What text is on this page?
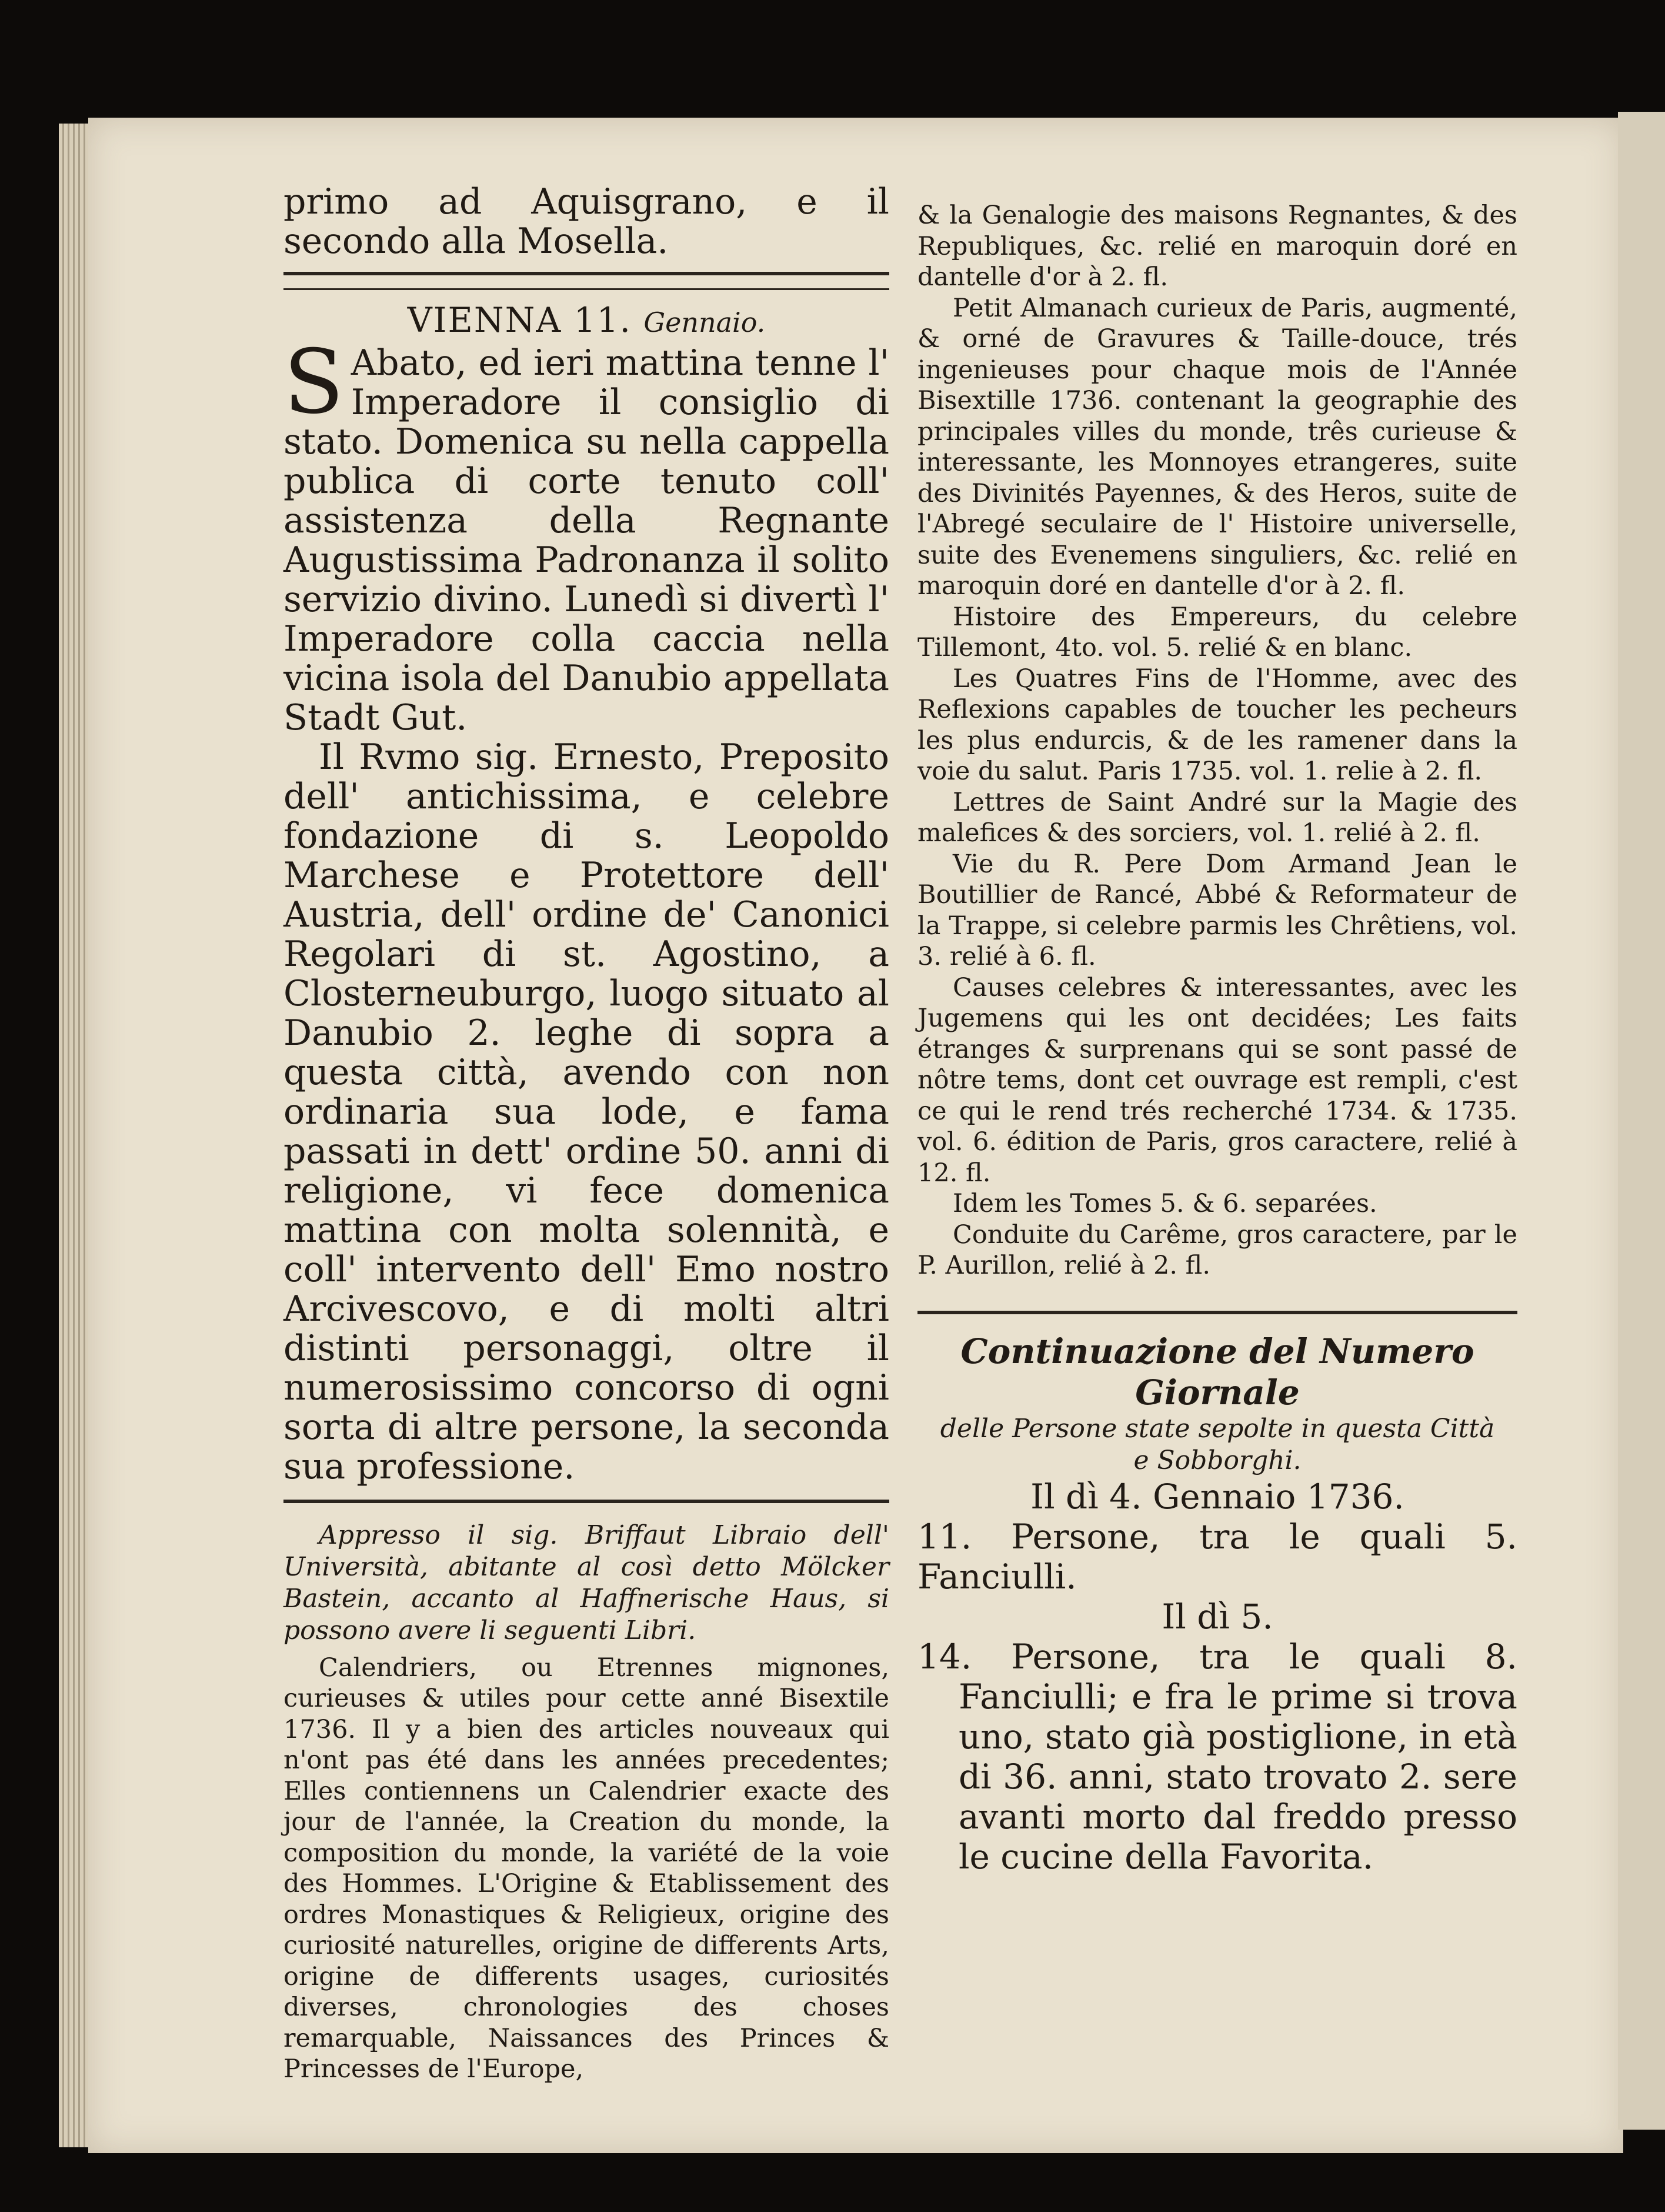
primo ad Aquisgrano, e il secondo alla Mosella.

VIENNA 11. Gennaio.

S Abato, ed ieri mattina tenne l' Imperadore il consiglio di stato. Domenica su nella cappella publica di corte tenuto coll' assistenza della Regnante Augustissima Padronanza il solito servizio divino. Lunedì si divertì l' Imperadore colla caccia nella vicina isola del Danubio appellata Stadt Gut.

Il Rvmo sig. Ernesto, Preposito dell' antichissima, e celebre fondazione di s. Leopoldo Marchese e Protettore dell' Austria, dell' ordine de' Canonici Regolari di st. Agostino, a Closterneuburgo, luogo situato al Danubio 2. leghe di sopra a questa città, avendo con non ordinaria sua lode, e fama passati in dett' ordine 50. anni di religione, vi fece domenica mattina con molta solennità, e coll' intervento dell' Emo nostro Arcivescovo, e di molti altri distinti personaggi, oltre il numerosissimo concorso di ogni sorta di altre persone, la seconda sua professione.

Appresso il sig. Briffaut Libraio dell' Università, abitante al così detto Mölcker Bastein, accanto al Haffnerische Haus, si possono avere li seguenti Libri.

Calendriers, ou Etrennes mignones, curieuses & utiles pour cette anné Bisextile 1736. Il y a bien des articles nouveaux qui n'ont pas été dans les années precedentes; Elles contiennens un Calendrier exacte des jour de l'année, la Creation du monde, la composition du monde, la variété de la voie des Hommes. L'Origine & Etablissement des ordres Monastiques & Religieux, origine des curiosité naturelles, origine de differents Arts, origine de differents usages, curiosités diverses, chronologies des choses remarquable, Naissances des Princes & Princesses de l'Europe,

& la Genalogie des maisons Regnantes, & des Republiques, &c. relié en maroquin doré en dantelle d'or à 2. fl.

Petit Almanach curieux de Paris, augmenté, & orné de Gravures & Taille-douce, trés ingenieuses pour chaque mois de l'Année Bisextille 1736. contenant la geographie des principales villes du monde, três curieuse & interessante, les Monnoyes etrangeres, suite des Divinités Payennes, & des Heros, suite de l'Abregé seculaire de l' Histoire universelle, suite des Evenemens singuliers, &c. relié en maroquin doré en dantelle d'or à 2. fl.

Histoire des Empereurs, du celebre Tillemont, 4to. vol. 5. relié & en blanc.

Les Quatres Fins de l'Homme, avec des Reflexions capables de toucher les pecheurs les plus endurcis, & de les ramener dans la voie du salut. Paris 1735. vol. 1. relie à 2. fl.

Lettres de Saint André sur la Magie des malefices & des sorciers, vol. 1. relié à 2. fl.

Vie du R. Pere Dom Armand Jean le Boutillier de Rancé, Abbé & Reformateur de la Trappe, si celebre parmis les Chrêtiens, vol. 3. relié à 6. fl.

Causes celebres & interessantes, avec les Jugemens qui les ont decidées; Les faits étranges & surprenans qui se sont passé de nôtre tems, dont cet ouvrage est rempli, c'est ce qui le rend trés recherché 1734. & 1735. vol. 6. édition de Paris, gros caractere, relié à 12. fl.

Idem les Tomes 5. & 6. separées.

Conduite du Carême, gros caractere, par le P. Aurillon, relié à 2. fl.

Continuazione del Numero Giornale
delle Persone state sepolte in questa Città
e Sobborghi.

Il dì 4. Gennaio 1736.

11. Persone, tra le quali 5. Fanciulli.

Il dì 5.

14. Persone, tra le quali 8. Fanciulli; e fra le prime si trova uno, stato già postiglione, in età di 36. anni, stato trovato 2. sere avanti morto dal freddo presso le cucine della Favorita.
